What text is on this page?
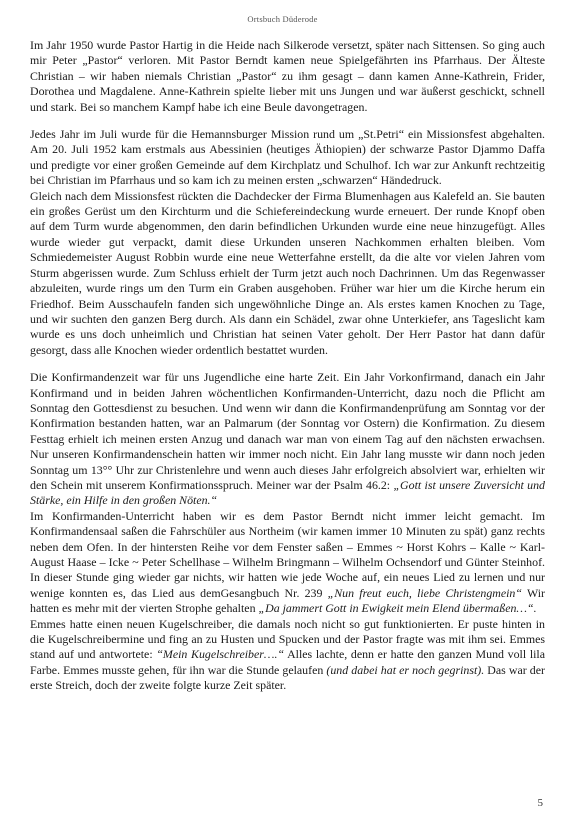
Ortsbuch Düderode

Im Jahr 1950 wurde Pastor Hartig in die Heide nach Silkerode versetzt, später nach Sittensen. So ging auch mir Peter „Pastor“ verloren. Mit Pastor Berndt kamen neue Spielgefährten ins Pfarrhaus. Der Älteste Christian – wir haben niemals Christian „Pastor“ zu ihm gesagt – dann kamen Anne-Kathrein, Frider, Dorothea und Magdalene. Anne-Kathrein spielte lieber mit uns Jungen und war äußerst geschickt, schnell und stark. Bei so manchem Kampf habe ich eine Beule davongetragen.

Jedes Jahr im Juli wurde für die Hemannsburger Mission rund um „St.Petri“ ein Missionsfest abgehalten. Am 20. Juli 1952 kam erstmals aus Abessinien (heutiges Äthiopien) der schwarze Pastor Djammo Daffa und predigte vor einer großen Gemeinde auf dem Kirchplatz und Schulhof. Ich war zur Ankunft rechtzeitig bei Christian im Pfarrhaus und so kam ich zu meinen ersten „schwarzen“ Händedruck.

Gleich nach dem Missionsfest rückten die Dachdecker der Firma Blumenhagen aus Kalefeld an. Sie bauten ein großes Gerüst um den Kirchturm und die Schiefereindeckung wurde erneuert. Der runde Knopf oben auf dem Turm wurde abgenommen, den darin befindlichen Urkunden wurde eine neue hinzugefügt. Alles wurde wieder gut verpackt, damit diese Urkunden unseren Nachkommen erhalten bleiben. Vom Schmiedemeister August Robbin wurde eine neue Wetterfahne erstellt, da die alte vor vielen Jahren vom Sturm abgerissen wurde. Zum Schluss erhielt der Turm jetzt auch noch Dachrinnen. Um das Regenwasser abzuleiten, wurde rings um den Turm ein Graben ausgehoben. Früher war hier um die Kirche herum ein Friedhof. Beim Ausschaufeln fanden sich ungewöhnliche Dinge an. Als erstes kamen Knochen zu Tage, und wir suchten den ganzen Berg durch. Als dann ein Schädel, zwar ohne Unterkiefer, ans Tageslicht kam wurde es uns doch unheimlich und Christian hat seinen Vater geholt. Der Herr Pastor hat dann dafür gesorgt, dass alle Knochen wieder ordentlich bestattet wurden.

Die Konfirmandenzeit war für uns Jugendliche eine harte Zeit. Ein Jahr Vorkonfirmand, danach ein Jahr Konfirmand und in beiden Jahren wöchentlichen Konfirmanden-Unterricht, dazu noch die Pflicht am Sonntag den Gottesdienst zu besuchen. Und wenn wir dann die Konfirmandenprüfung am Sonntag vor der Konfirmation bestanden hatten, war an Palmarum (der Sonntag vor Ostern) die Konfirmation. Zu diesem Festtag erhielt ich meinen ersten Anzug und danach war man von einem Tag auf den nächsten erwachsen. Nur unseren Konfirmandenschein hatten wir immer noch nicht. Ein Jahr lang musste wir dann noch jeden Sonntag um 13°° Uhr zur Christenlehre und wenn auch dieses Jahr erfolgreich absolviert war, erhielten wir den Schein mit unserem Konfirmationsspruch. Meiner war der Psalm 46.2: „Gott ist unsere Zuversicht und Stärke, ein Hilfe in den großen Nöten.“

Im Konfirmanden-Unterricht haben wir es dem Pastor Berndt nicht immer leicht gemacht. Im Konfirmandensaal saßen die Fahrschüler aus Northeim (wir kamen immer 10 Minuten zu spät) ganz rechts neben dem Ofen. In der hintersten Reihe vor dem Fenster saßen – Emmes ~ Horst Kohrs – Kalle ~ Karl-August Haase – Icke ~ Peter Schellhase – Wilhelm Bringmann – Wilhelm Ochsendorf und Günter Steinhof. In dieser Stunde ging wieder gar nichts, wir hatten wie jede Woche auf, ein neues Lied zu lernen und nur wenige konnten es, das Lied aus demGesangbuch Nr. 239 „Nun freut euch, liebe Christengmein“ Wir hatten es mehr mit der vierten Strophe gehalten „Da jammert Gott in Ewigkeit mein Elend übermaßen…“.

Emmes hatte einen neuen Kugelschreiber, die damals noch nicht so gut funktionierten. Er puste hinten in die Kugelschreibermine und fing an zu Husten und Spucken und der Pastor fragte was mit ihm sei. Emmes stand auf und antwortete: “Mein Kugelschreiber….“ Alles lachte, denn er hatte den ganzen Mund voll lila Farbe. Emmes musste gehen, für ihn war die Stunde gelaufen (und dabei hat er noch gegrinst). Das war der erste Streich, doch der zweite folgte kurze Zeit später.

5
